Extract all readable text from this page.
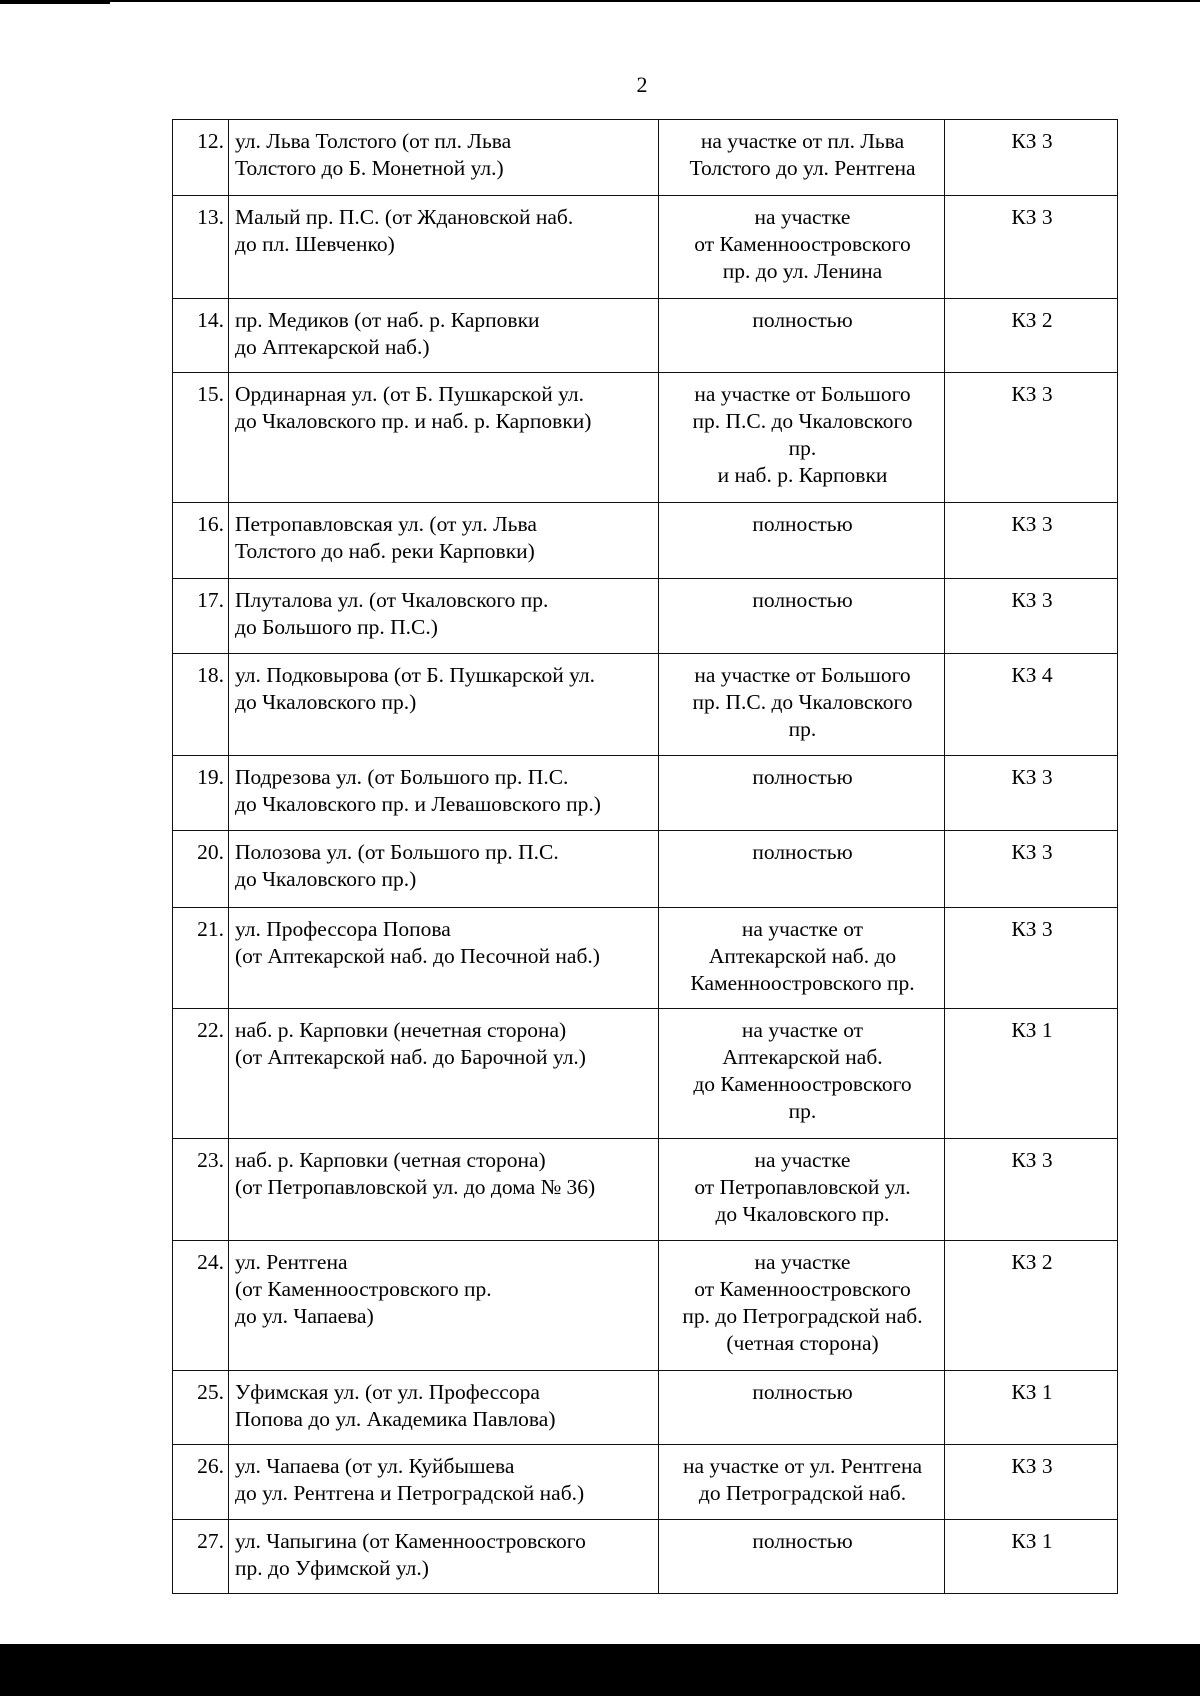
2
12.	ул. Льва Толстого (от пл. Льва
Толстого до Б. Монетной ул.)	на участке от пл. Льва
Толстого до ул. Рентгена	КЗ 3
13.	Малый пр. П.С. (от Ждановской наб.
до пл. Шевченко)	на участке
от Каменноостровского
пр. до ул. Ленина	КЗ 3
14.	пр. Медиков (от наб. р. Карповки
до Аптекарской наб.)	полностью	КЗ 2
15.	Ординарная ул. (от Б. Пушкарской ул.
до Чкаловского пр. и наб. р. Карповки)	на участке от Большого
пр. П.С. до Чкаловского
пр.
и наб. р. Карповки	КЗ 3
16.	Петропавловская ул. (от ул. Льва
Толстого до наб. реки Карповки)	полностью	КЗ 3
17.	Плуталова ул. (от Чкаловского пр.
до Большого пр. П.С.)	полностью	КЗ 3
18.	ул. Подковырова (от Б. Пушкарской ул.
до Чкаловского пр.)	на участке от Большого
пр. П.С. до Чкаловского
пр.	КЗ 4
19.	Подрезова ул. (от Большого пр. П.С.
до Чкаловского пр. и Левашовского пр.)	полностью	КЗ 3
20.	Полозова ул. (от Большого пр. П.С.
до Чкаловского пр.)	полностью	КЗ 3
21.	ул. Профессора Попова
(от Аптекарской наб. до Песочной наб.)	на участке от
Аптекарской наб. до
Каменноостровского пр.	КЗ 3
22.	наб. р. Карповки (нечетная сторона)
(от Аптекарской наб. до Барочной ул.)	на участке от
Аптекарской наб.
до Каменноостровского
пр.	КЗ 1
23.	наб. р. Карповки (четная сторона)
(от Петропавловской ул. до дома № 36)	на участке
от Петропавловской ул.
до Чкаловского пр.	КЗ 3
24.	ул. Рентгена
(от Каменноостровского пр.
до ул. Чапаева)	на участке
от Каменноостровского
пр. до Петроградской наб.
(четная сторона)	КЗ 2
25.	Уфимская ул. (от ул. Профессора
Попова до ул. Академика Павлова)	полностью	КЗ 1
26.	ул. Чапаева (от ул. Куйбышева
до ул. Рентгена и Петроградской наб.)	на участке от ул. Рентгена
до Петроградской наб.	КЗ 3
27.	ул. Чапыгина (от Каменноостровского
пр. до Уфимской ул.)	полностью	КЗ 1
